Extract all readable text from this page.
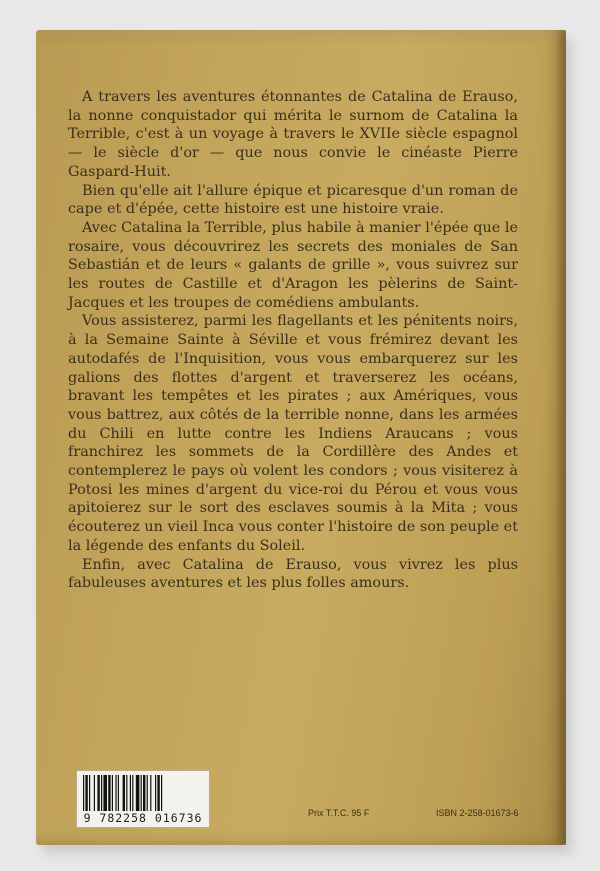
A travers les aventures étonnantes de Catalina de Erauso, la nonne conquistador qui mérita le surnom de Catalina la Terrible, c'est à un voyage à travers le XVIIe siècle espagnol — le siècle d'or — que nous convie le cinéaste Pierre Gaspard-Huit.

Bien qu'elle ait l'allure épique et picaresque d'un roman de cape et d'épée, cette histoire est une histoire vraie.

Avec Catalina la Terrible, plus habile à manier l'épée que le rosaire, vous découvrirez les secrets des moniales de San Sebastián et de leurs « galants de grille », vous suivrez sur les routes de Castille et d'Aragon les pèlerins de Saint-Jacques et les troupes de comédiens ambulants.

Vous assisterez, parmi les flagellants et les pénitents noirs, à la Semaine Sainte à Séville et vous frémirez devant les autodafés de l'Inquisition, vous vous embarquerez sur les galions des flottes d'argent et traverserez les océans, bravant les tempêtes et les pirates ; aux Amériques, vous vous battrez, aux côtés de la terrible nonne, dans les armées du Chili en lutte contre les Indiens Araucans ; vous franchirez les sommets de la Cordillère des Andes et contemplerez le pays où volent les condors ; vous visiterez à Potosi les mines d'argent du vice-roi du Pérou et vous vous apitoierez sur le sort des esclaves soumis à la Mita ; vous écouterez un vieil Inca vous conter l'histoire de son peuple et la légende des enfants du Soleil.

Enfin, avec Catalina de Erauso, vous vivrez les plus fabuleuses aventures et les plus folles amours.

9 782258 016736	Prix T.T.C. 95 F	ISBN 2-258-01673-6
